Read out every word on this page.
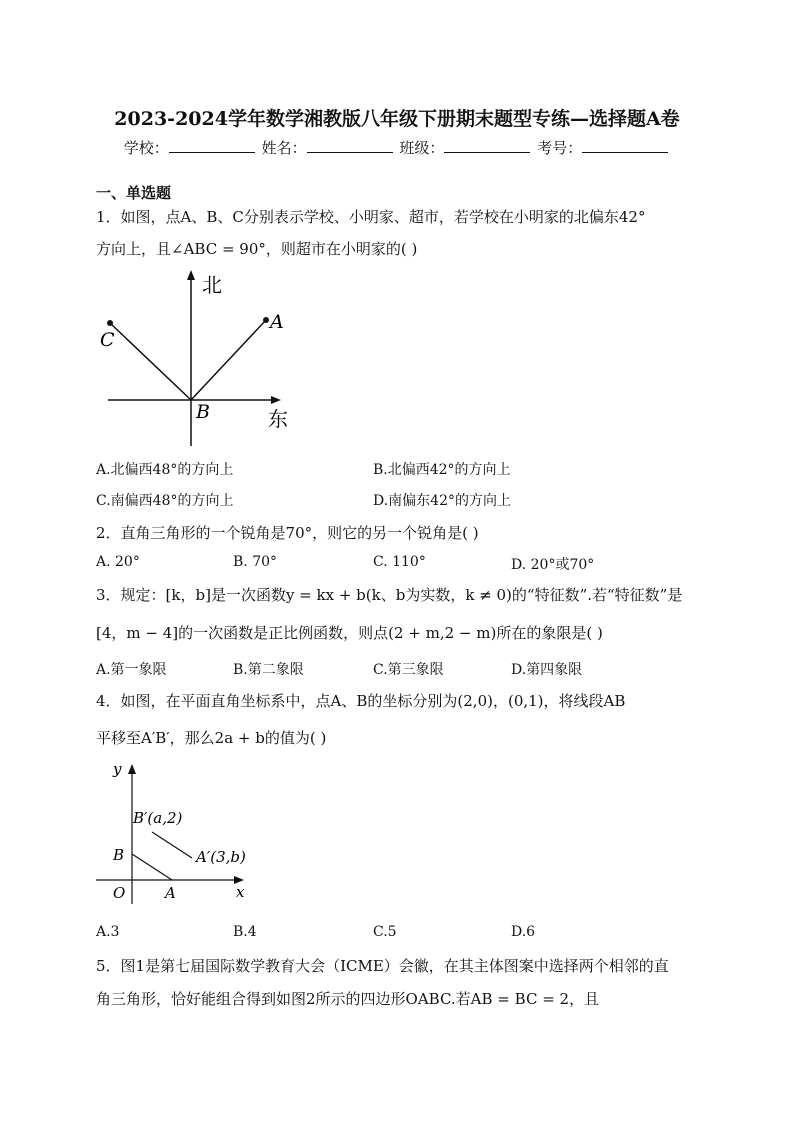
2023-2024学年数学湘教版八年级下册期末题型专练—选择题A卷
学校：	姓名：	班级：	考号：
一、单选题
1．如图，点A、B、C分别表示学校、小明家、超市，若学校在小明家的北偏东42°
方向上，且∠ABC = 90°，则超市在小明家的( )
北
东
A
B
C
A.北偏西48°的方向上	B.北偏西42°的方向上
C.南偏西48°的方向上	D.南偏东42°的方向上
2．直角三角形的一个锐角是70°，则它的另一个锐角是( )
A. 20°	B. 70°	C. 110°	D. 20°或70°
3．规定：[k，b]是一次函数y = kx + b(k、b为实数，k ≠ 0)的“特征数”.若“特征数”是
[4，m − 4]的一次函数是正比例函数，则点(2 + m,2 − m)所在的象限是( )
A.第一象限	B.第二象限	C.第三象限	D.第四象限
4．如图，在平面直角坐标系中，点A、B的坐标分别为(2,0)，(0,1)，将线段AB
平移至A′B′，那么2a + b的值为( )
y
x
O	A
B
B′(a,2)
A′(3,b)
A.3	B.4	C.5	D.6
5．图1是第七届国际数学教育大会（ICME）会徽，在其主体图案中选择两个相邻的直
角三角形，恰好能组合得到如图2所示的四边形OABC.若AB = BC = 2，且
